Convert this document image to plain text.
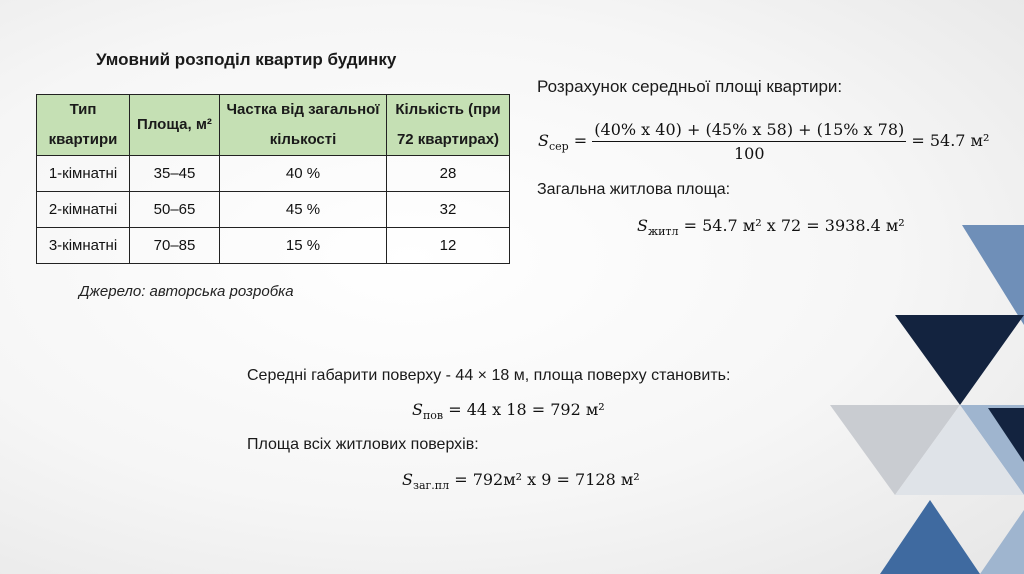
Умовний розподіл квартир будинку
Тип квартири	Площа, м²	Частка від загальної кількості	Кількість (при 72 квартирах)
1-кімнатні	35–45	40 %	28
2-кімнатні	50–65	45 %	32
3-кімнатні	70–85	15 %	12
Джерело: авторська розробка
Розрахунок середньої площі квартири:
$S_{сер} = \frac{(40\% x 40) + (45\% x 58) + (15\% x 78)}{100} = 54.7$ м²
Загальна житлова площа:
$S_{житл} = 54.7$ м² x 72 = 3938.4 м²
Середні габарити поверху - 44 × 18 м, площа поверху становить:
$S_{пов} = 44$ x 18 = 792 м²
Площа всіх житлових поверхів:
$S_{заг.пл} = 792м^2$ x 9 = 7128 м²
